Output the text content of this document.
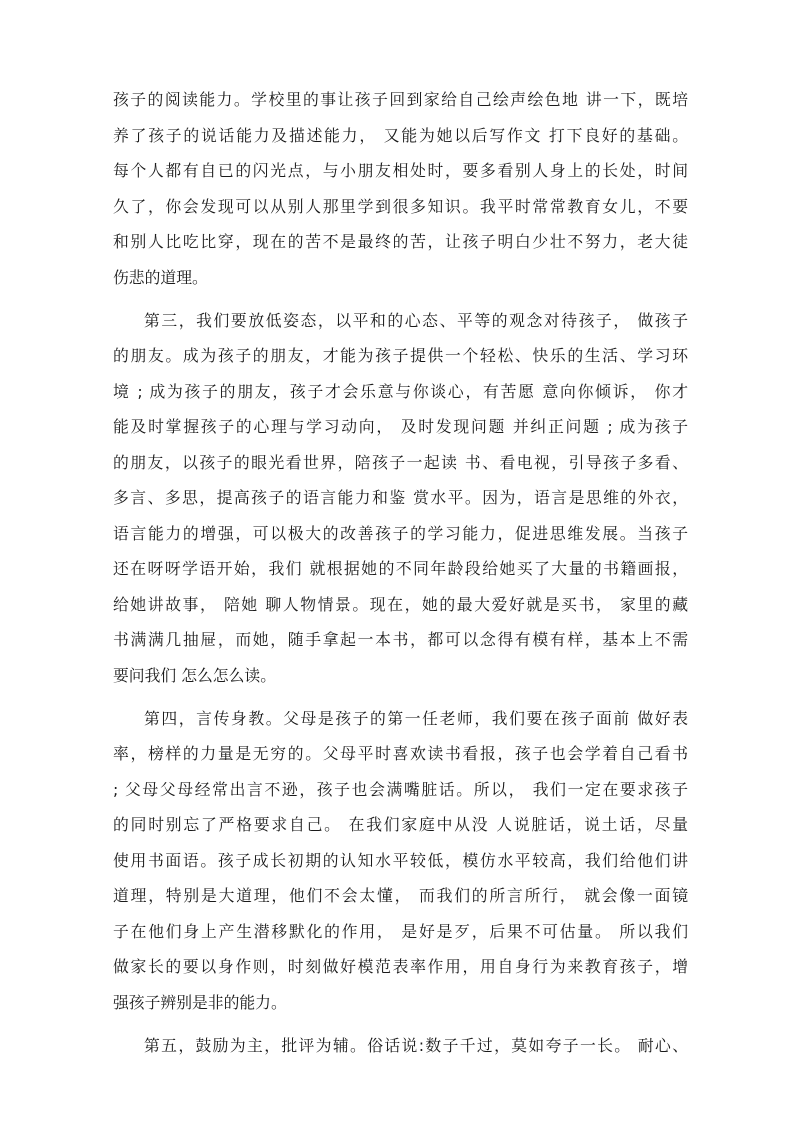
孩子的阅读能力。学校里的事让孩子回到家给自己绘声绘色地 讲一下，既培
养了孩子的说话能力及描述能力， 又能为她以后写作文 打下良好的基础。
每个人都有自已的闪光点，与小朋友相处时，要多看别人身上的长处，时间
久了，你会发现可以从别人那里学到很多知识。我平时常常教育女儿，不要
和别人比吃比穿，现在的苦不是最终的苦，让孩子明白少壮不努力，老大徒
伤悲的道理。
第三，我们要放低姿态，以平和的心态、平等的观念对待孩子， 做孩子
的朋友。成为孩子的朋友，才能为孩子提供一个轻松、快乐的生活、学习环
境 ; 成为孩子的朋友，孩子才会乐意与你谈心，有苦愿 意向你倾诉， 你才
能及时掌握孩子的心理与学习动向， 及时发现问题 并纠正问题 ; 成为孩子
的朋友，以孩子的眼光看世界，陪孩子一起读 书、看电视，引导孩子多看、
多言、多思，提高孩子的语言能力和鉴 赏水平。因为，语言是思维的外衣，
语言能力的增强，可以极大的改善孩子的学习能力，促进思维发展。当孩子
还在呀呀学语开始，我们 就根据她的不同年龄段给她买了大量的书籍画报，
给她讲故事， 陪她 聊人物情景。现在，她的最大爱好就是买书， 家里的藏
书满满几抽屉，而她，随手拿起一本书，都可以念得有模有样，基本上不需
要问我们 怎么怎么读。
第四，言传身教。父母是孩子的第一任老师，我们要在孩子面前 做好表
率，榜样的力量是无穷的。父母平时喜欢读书看报，孩子也会学着自己看书
; 父母父母经常出言不逊，孩子也会满嘴脏话。所以， 我们一定在要求孩子
的同时别忘了严格要求自己。 在我们家庭中从没 人说脏话，说土话，尽量
使用书面语。孩子成长初期的认知水平较低，模仿水平较高，我们给他们讲
道理，特别是大道理，他们不会太懂， 而我们的所言所行， 就会像一面镜
子在他们身上产生潜移默化的作用， 是好是歹，后果不可估量。 所以我们
做家长的要以身作则，时刻做好模范表率作用，用自身行为来教育孩子，增
强孩子辨别是非的能力。
第五，鼓励为主，批评为辅。俗话说:数子千过，莫如夸子一长。 耐心、
